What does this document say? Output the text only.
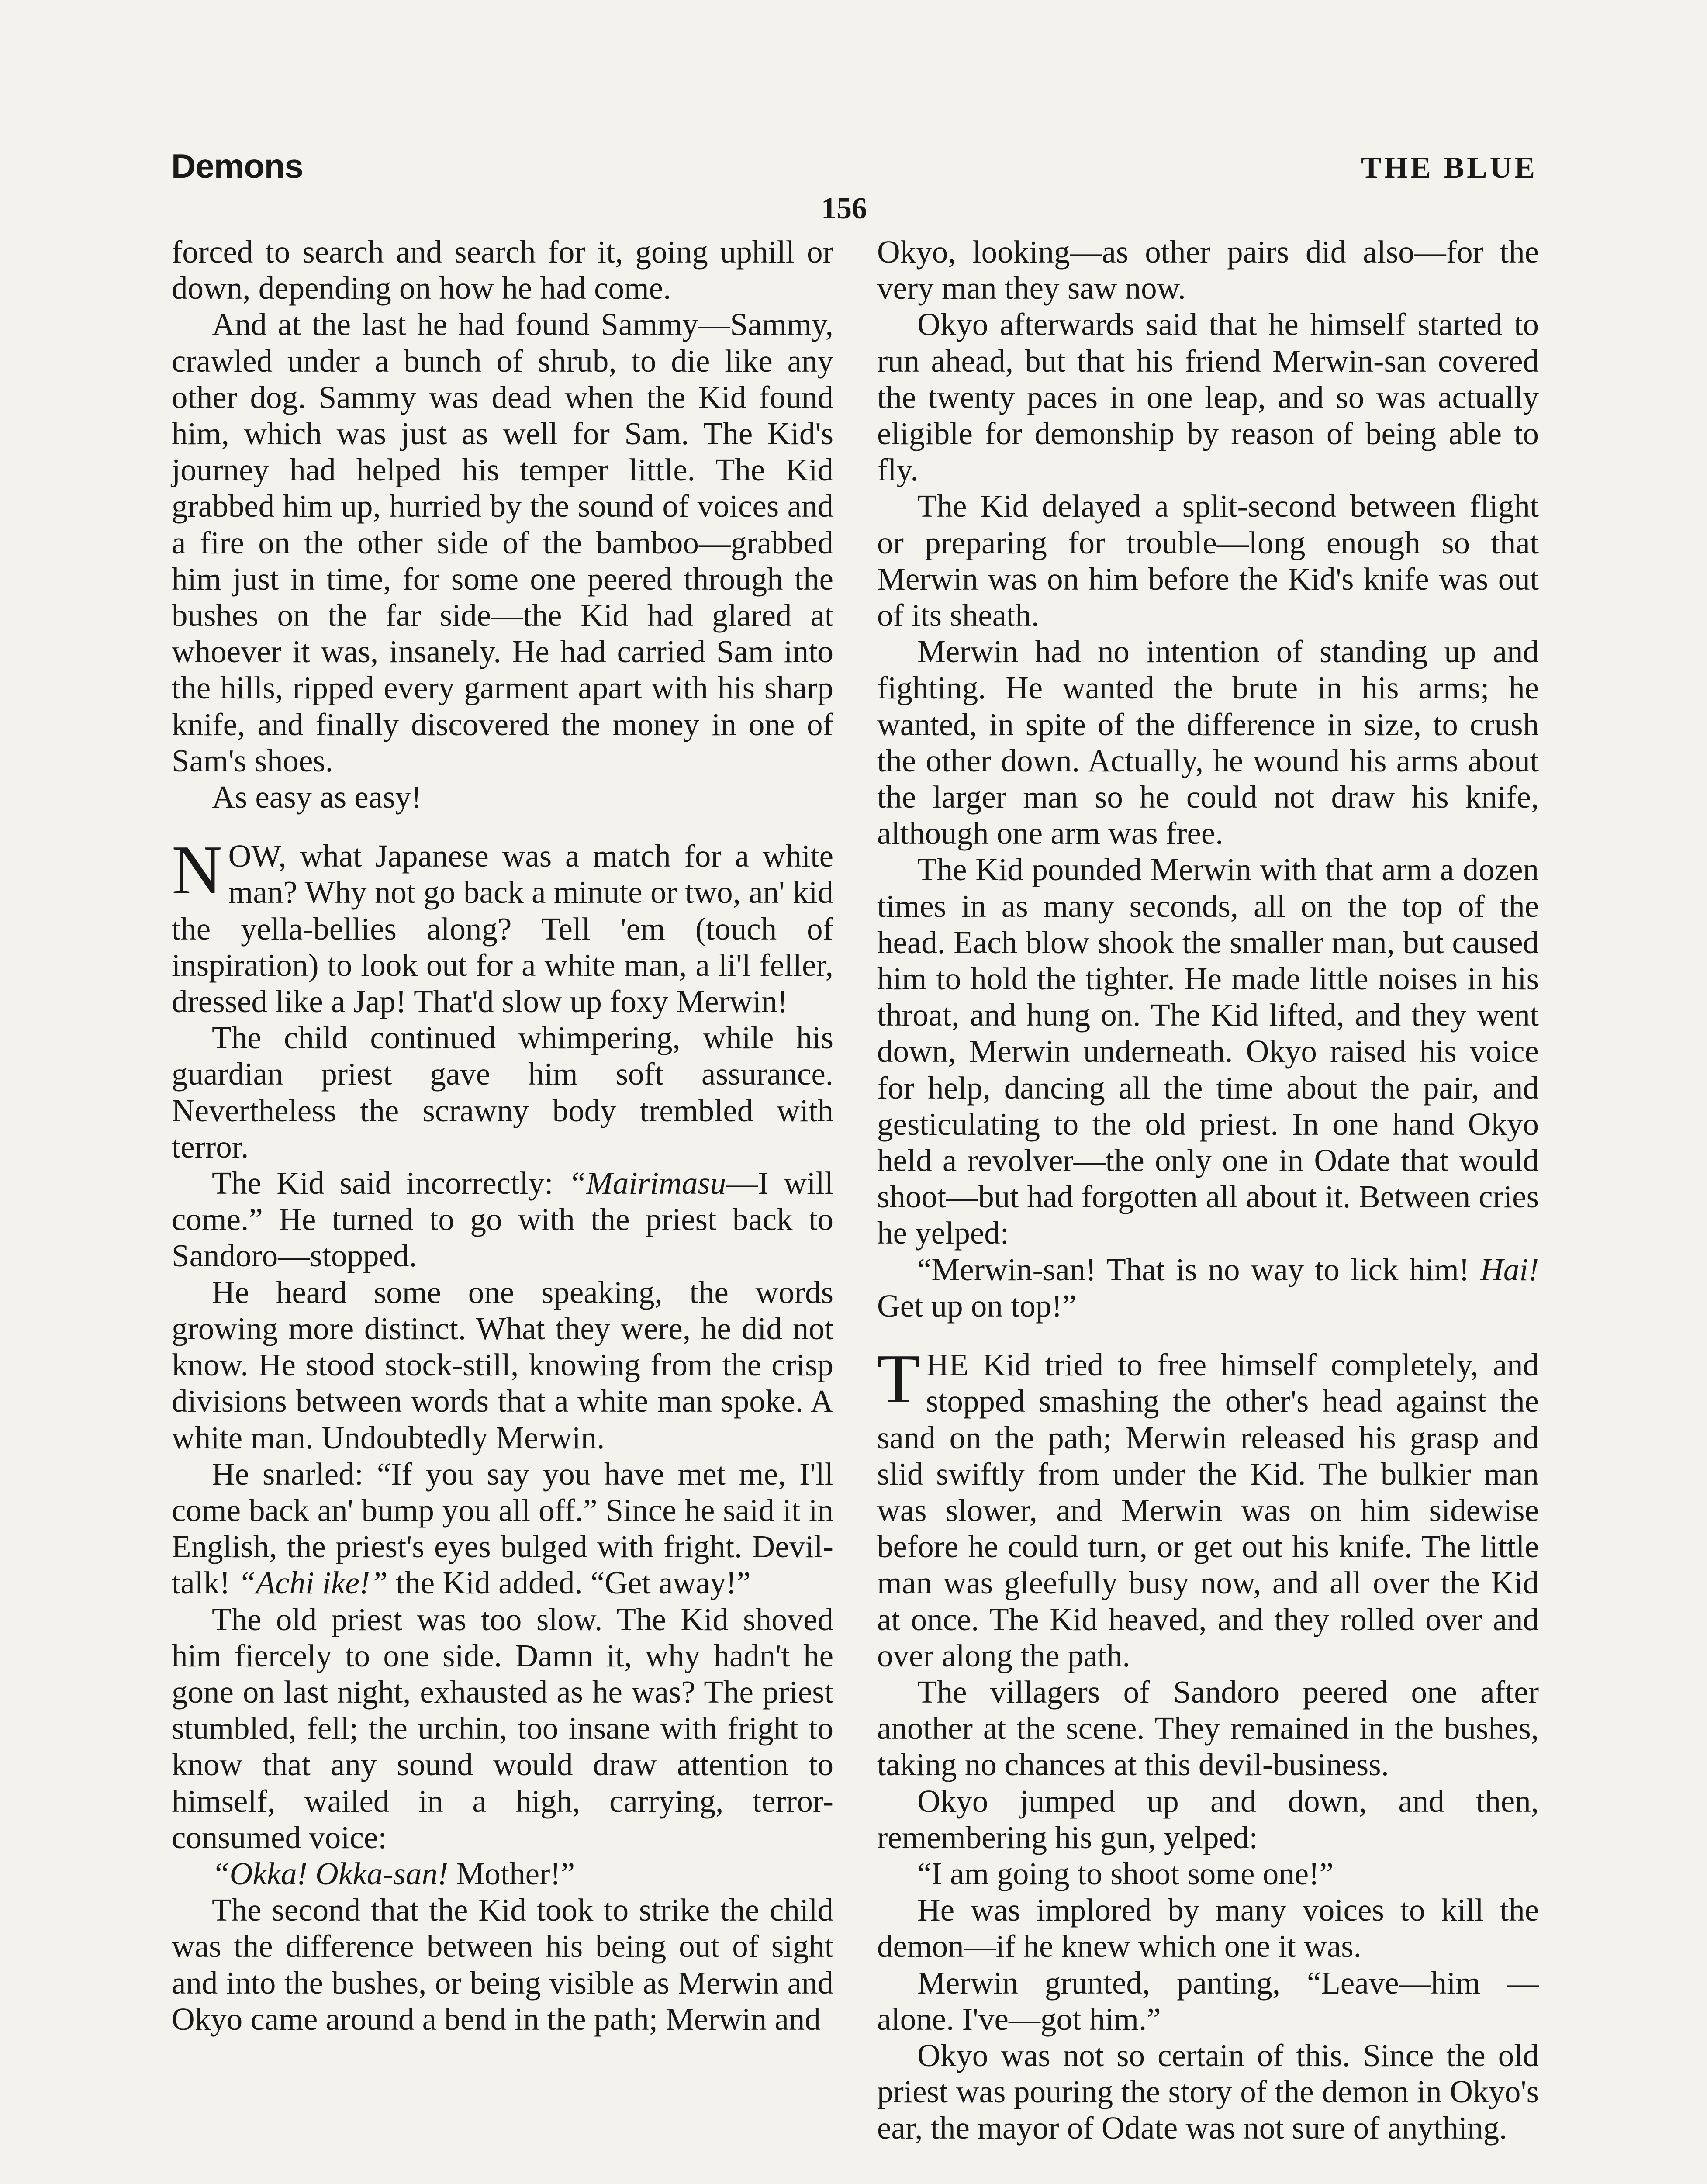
Demons	THE BLUE
156

forced to search and search for it, going uphill or down, depending on how he had come.

And at the last he had found Sammy—Sammy, crawled under a bunch of shrub, to die like any other dog. Sammy was dead when the Kid found him, which was just as well for Sam. The Kid's journey had helped his temper little. The Kid grabbed him up, hurried by the sound of voices and a fire on the other side of the bamboo—grabbed him just in time, for some one peered through the bushes on the far side—the Kid had glared at whoever it was, insanely. He had carried Sam into the hills, ripped every garment apart with his sharp knife, and finally discovered the money in one of Sam's shoes.

As easy as easy!

NOW, what Japanese was a match for a white man? Why not go back a minute or two, an' kid the yella-bellies along? Tell 'em (touch of inspiration) to look out for a white man, a li'l feller, dressed like a Jap! That'd slow up foxy Merwin!

The child continued whimpering, while his guardian priest gave him soft assurance. Nevertheless the scrawny body trembled with terror.

The Kid said incorrectly: “Mairimasu—I will come.” He turned to go with the priest back to Sandoro—stopped.

He heard some one speaking, the words growing more distinct. What they were, he did not know. He stood stock-still, knowing from the crisp divisions between words that a white man spoke. A white man. Undoubtedly Merwin.

He snarled: “If you say you have met me, I'll come back an' bump you all off.” Since he said it in English, the priest's eyes bulged with fright. Devil-talk! “Achi ike!” the Kid added. “Get away!”

The old priest was too slow. The Kid shoved him fiercely to one side. Damn it, why hadn't he gone on last night, exhausted as he was? The priest stumbled, fell; the urchin, too insane with fright to know that any sound would draw attention to himself, wailed in a high, carrying, terror-consumed voice:

“Okka! Okka-san! Mother!”

The second that the Kid took to strike the child was the difference between his being out of sight and into the bushes, or being visible as Merwin and Okyo came around a bend in the path; Merwin and

Okyo, looking—as other pairs did also—for the very man they saw now.

Okyo afterwards said that he himself started to run ahead, but that his friend Merwin-san covered the twenty paces in one leap, and so was actually eligible for demonship by reason of being able to fly.

The Kid delayed a split-second between flight or preparing for trouble—long enough so that Merwin was on him before the Kid's knife was out of its sheath.

Merwin had no intention of standing up and fighting. He wanted the brute in his arms; he wanted, in spite of the difference in size, to crush the other down. Actually, he wound his arms about the larger man so he could not draw his knife, although one arm was free.

The Kid pounded Merwin with that arm a dozen times in as many seconds, all on the top of the head. Each blow shook the smaller man, but caused him to hold the tighter. He made little noises in his throat, and hung on. The Kid lifted, and they went down, Merwin underneath. Okyo raised his voice for help, dancing all the time about the pair, and gesticulating to the old priest. In one hand Okyo held a revolver—the only one in Odate that would shoot—but had forgotten all about it. Between cries he yelped:

“Merwin-san! That is no way to lick him! Hai! Get up on top!”

THE Kid tried to free himself completely, and stopped smashing the other's head against the sand on the path; Merwin released his grasp and slid swiftly from under the Kid. The bulkier man was slower, and Merwin was on him sidewise before he could turn, or get out his knife. The little man was gleefully busy now, and all over the Kid at once. The Kid heaved, and they rolled over and over along the path.

The villagers of Sandoro peered one after another at the scene. They remained in the bushes, taking no chances at this devil-business.

Okyo jumped up and down, and then, remembering his gun, yelped:

“I am going to shoot some one!”

He was implored by many voices to kill the demon—if he knew which one it was.

Merwin grunted, panting, “Leave—him —alone. I've—got him.”

Okyo was not so certain of this. Since the old priest was pouring the story of the demon in Okyo's ear, the mayor of Odate was not sure of anything.
